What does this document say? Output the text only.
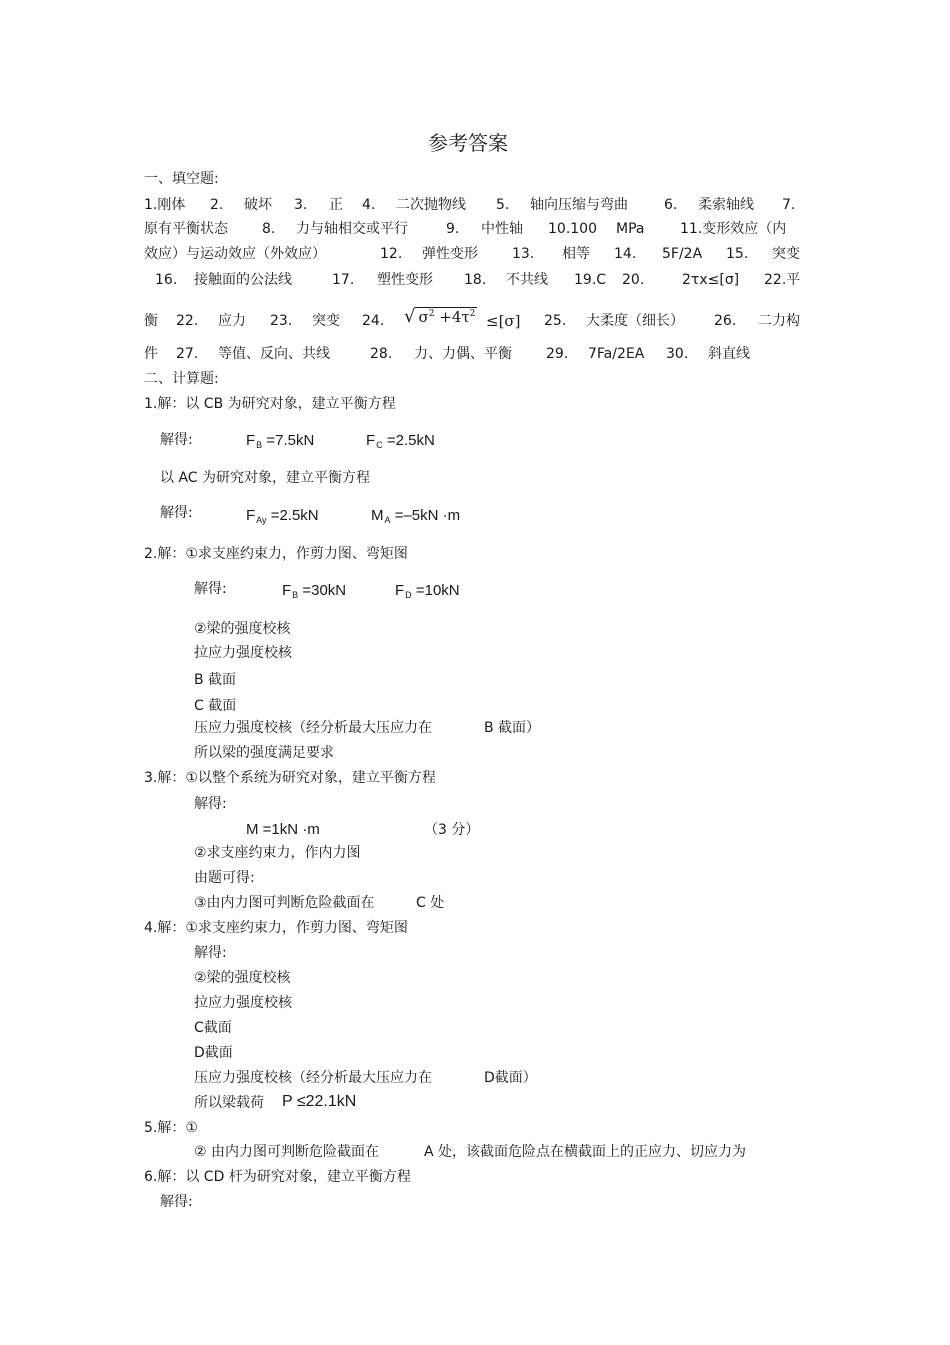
参考答案
一、填空题:
1.刚体 2. 破坏 3. 正 4. 二次抛物线 5. 轴向压缩与弯曲	6. 柔索轴线 7.
原有平衡状态 8. 力与轴相交或平行	9. 中性轴 10.100 MPa	11.变形效应（内
效应）与运动效应（外效应）	12. 弹性变形 13. 相等 14. 5F/2A 15. 突变
16. 接触面的公法线	17. 塑性变形 18. 不共线 19.C 20.	2τx≤[σ] 22.平
衡 22. 应力 23. 突变 24. √ $\sigma^2 +4\tau^2 \le[\sigma]$ 25. 大柔度（细长） 26. 二力构
件 27. 等值、反向、共线	28. 力、力偶、平衡 29. 7Fa/2EA 30. 斜直线
二、计算题:
1.解：以 CB 为研究对象，建立平衡方程
解得:	$F_B =7.5kN$	$F_C =2.5kN$
以 AC 为研究对象，建立平衡方程
解得:	$F_{Ay} =2.5kN$	$M_A =-5kN \cdot m$
2.解：①求支座约束力，作剪力图、弯矩图
解得:	$F_B =30kN$	$F_D =10kN$
②梁的强度校核
拉应力强度校核
B 截面
C 截面
压应力强度校核（经分析最大压应力在	B 截面）
所以梁的强度满足要求
3.解：①以整个系统为研究对象，建立平衡方程
解得:
M =1kN ·m	（3 分）
②求支座约束力，作内力图
由题可得:
③由内力图可判断危险截面在	C 处
4.解：①求支座约束力，作剪力图、弯矩图
解得:
②梁的强度校核
拉应力强度校核
C截面
D截面
压应力强度校核（经分析最大压应力在	D截面）
所以梁载荷 P ≤22.1kN
5.解：①
② 由内力图可判断危险截面在	A 处，该截面危险点在横截面上的正应力、切应力为
6.解：以 CD 杆为研究对象，建立平衡方程
解得:
